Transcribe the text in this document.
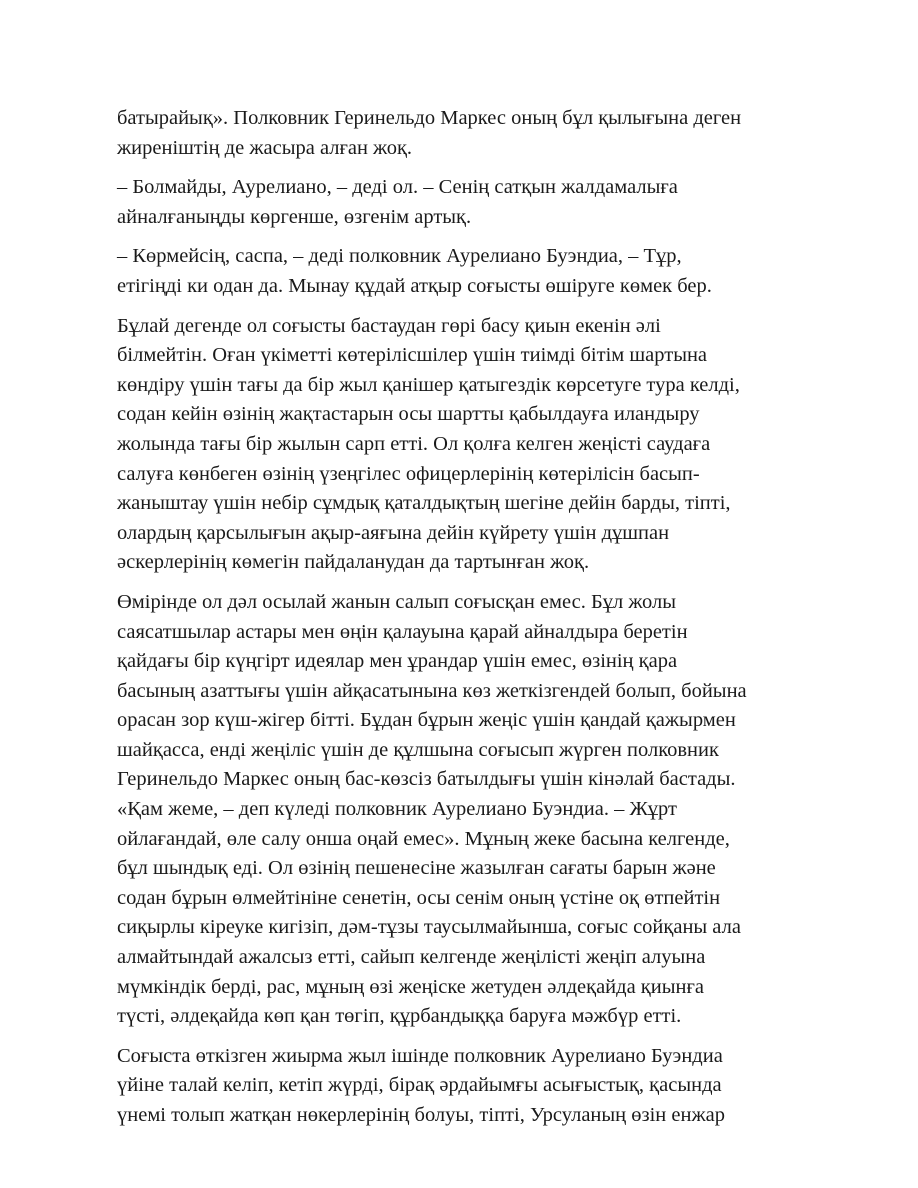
батырайық». Полковник Геринельдо Маркес оның бұл қылығына деген
жиреніштің де жасыра алған жоқ.

– Болмайды, Аурелиано, – деді ол. – Сенің сатқын жалдамалыға
айналғаныңды көргенше, өзгенім артық.

– Көрмейсің, саспа, – деді полковник Аурелиано Буэндиа, – Тұр,
етігіңді ки одан да. Мынау құдай атқыр соғысты өшіруге көмек бер.

Бұлай дегенде ол соғысты бастаудан гөрі басу қиын екенін әлі
білмейтін. Оған үкіметті көтерілісшілер үшін тиімді бітім шартына
көндіру үшін тағы да бір жыл қанішер қатыгездік көрсетуге тура келді,
содан кейін өзінің жақтастарын осы шартты қабылдауға иландыру
жолында тағы бір жылын сарп етті. Ол қолға келген жеңісті саудаға
салуға көнбеген өзінің үзеңгілес офицерлерінің көтерілісін басып-
жаныштау үшін небір сұмдық қаталдықтың шегіне дейін барды, тіпті,
олардың қарсылығын ақыр-аяғына дейін күйрету үшін дұшпан
әскерлерінің көмегін пайдаланудан да тартынған жоқ.

Өмірінде ол дәл осылай жанын салып соғысқан емес. Бұл жолы
саясатшылар астары мен өңін қалауына қарай айналдыра беретін
қайдағы бір күңгірт идеялар мен ұрандар үшін емес, өзінің қара
басының азаттығы үшін айқасатынына көз жеткізгендей болып, бойына
орасан зор күш-жігер бітті. Бұдан бұрын жеңіс үшін қандай қажырмен
шайқасса, енді жеңіліс үшін де құлшына соғысып жүрген полковник
Геринельдо Маркес оның бас-көзсіз батылдығы үшін кінәлай бастады.
«Қам жеме, – деп күледі полковник Аурелиано Буэндиа. – Жұрт
ойлағандай, өле салу онша оңай емес». Мұның жеке басына келгенде,
бұл шындық еді. Ол өзінің пешенесіне жазылған сағаты барын және
содан бұрын өлмейтініне сенетін, осы сенім оның үстіне оқ өтпейтін
сиқырлы кіреуке кигізіп, дәм-тұзы таусылмайынша, соғыс сойқаны ала
алмайтындай ажалсыз етті, сайып келгенде жеңілісті жеңіп алуына
мүмкіндік берді, рас, мұның өзі жеңіске жетуден әлдеқайда қиынға
түсті, әлдеқайда көп қан төгіп, құрбандыққа баруға мәжбүр етті.

Соғыста өткізген жиырма жыл ішінде полковник Аурелиано Буэндиа
үйіне талай келіп, кетіп жүрді, бірақ әрдайымғы асығыстық, қасында
үнемі толып жатқан нөкерлерінің болуы, тіпті, Урсуланың өзін енжар
